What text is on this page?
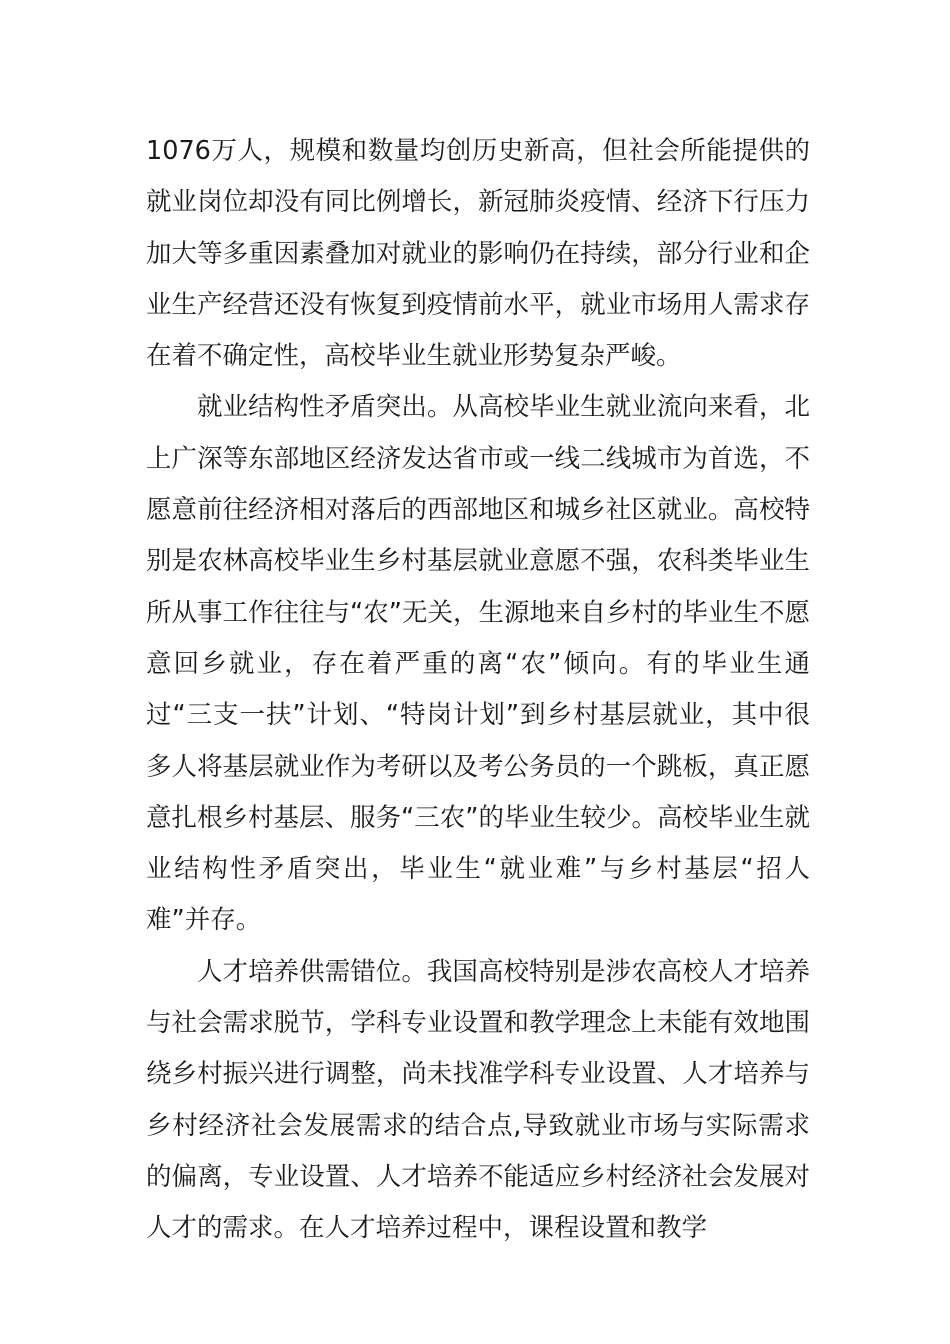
1076万人，规模和数量均创历史新高，但社会所能提供的就业岗位却没有同比例增长，新冠肺炎疫情、经济下行压力加大等多重因素叠加对就业的影响仍在持续，部分行业和企业生产经营还没有恢复到疫情前水平，就业市场用人需求存在着不确定性，高校毕业生就业形势复杂严峻。

就业结构性矛盾突出。从高校毕业生就业流向来看，北上广深等东部地区经济发达省市或一线二线城市为首选，不愿意前往经济相对落后的西部地区和城乡社区就业。高校特别是农林高校毕业生乡村基层就业意愿不强，农科类毕业生所从事工作往往与“农”无关，生源地来自乡村的毕业生不愿意回乡就业，存在着严重的离“农”倾向。有的毕业生通过“三支一扶”计划、“特岗计划”到乡村基层就业，其中很多人将基层就业作为考研以及考公务员的一个跳板，真正愿意扎根乡村基层、服务“三农”的毕业生较少。高校毕业生就业结构性矛盾突出，毕业生“就业难”与乡村基层“招人难”并存。

人才培养供需错位。我国高校特别是涉农高校人才培养与社会需求脱节，学科专业设置和教学理念上未能有效地围绕乡村振兴进行调整，尚未找准学科专业设置、人才培养与乡村经济社会发展需求的结合点,导致就业市场与实际需求的偏离，专业设置、人才培养不能适应乡村经济社会发展对人才的需求。在人才培养过程中，课程设置和教学
